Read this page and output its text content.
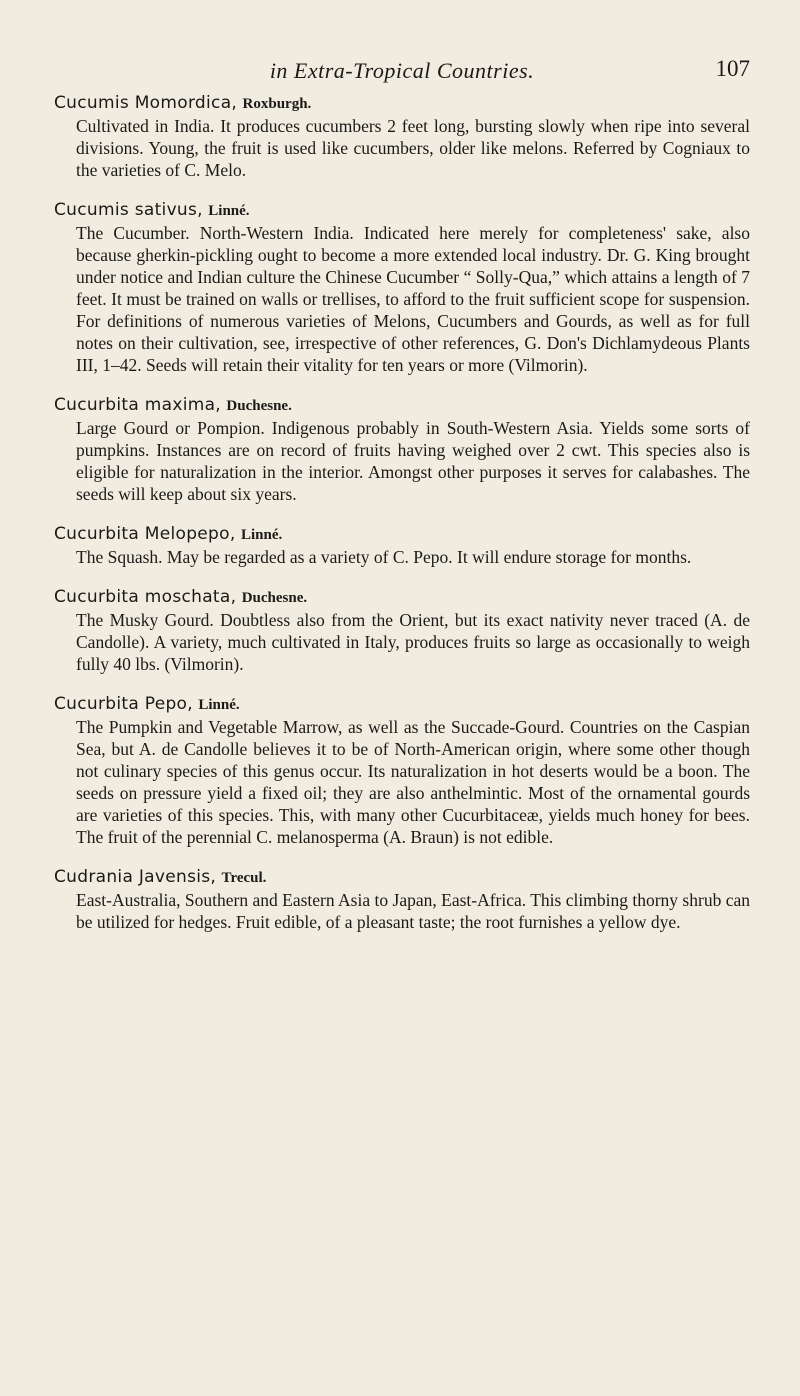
in Extra-Tropical Countries.	107

Cucumis Momordica, Roxburgh.

Cultivated in India. It produces cucumbers 2 feet long, bursting slowly when ripe into several divisions. Young, the fruit is used like cucumbers, older like melons. Referred by Cogniaux to the varieties of C. Melo.

Cucumis sativus, Linné.

The Cucumber. North-Western India. Indicated here merely for completeness' sake, also because gherkin-pickling ought to become a more extended local industry. Dr. G. King brought under notice and Indian culture the Chinese Cucumber “ Solly-Qua,” which attains a length of 7 feet. It must be trained on walls or trellises, to afford to the fruit sufficient scope for suspension. For definitions of numerous varieties of Melons, Cucumbers and Gourds, as well as for full notes on their cultivation, see, irrespective of other references, G. Don's Dichlamydeous Plants III, 1–42. Seeds will retain their vitality for ten years or more (Vilmorin).

Cucurbita maxima, Duchesne.

Large Gourd or Pompion. Indigenous probably in South-Western Asia. Yields some sorts of pumpkins. Instances are on record of fruits having weighed over 2 cwt. This species also is eligible for naturalization in the interior. Amongst other purposes it serves for calabashes. The seeds will keep about six years.

Cucurbita Melopepo, Linné.

The Squash. May be regarded as a variety of C. Pepo. It will endure storage for months.

Cucurbita moschata, Duchesne.

The Musky Gourd. Doubtless also from the Orient, but its exact nativity never traced (A. de Candolle). A variety, much cultivated in Italy, produces fruits so large as occasionally to weigh fully 40 lbs. (Vilmorin).

Cucurbita Pepo, Linné.

The Pumpkin and Vegetable Marrow, as well as the Succade-Gourd. Countries on the Caspian Sea, but A. de Candolle believes it to be of North-American origin, where some other though not culinary species of this genus occur. Its naturalization in hot deserts would be a boon. The seeds on pressure yield a fixed oil; they are also anthelmintic. Most of the ornamental gourds are varieties of this species. This, with many other Cucurbitaceæ, yields much honey for bees. The fruit of the perennial C. melanosperma (A. Braun) is not edible.

Cudrania Javensis, Trecul.

East-Australia, Southern and Eastern Asia to Japan, East-Africa. This climbing thorny shrub can be utilized for hedges. Fruit edible, of a pleasant taste; the root furnishes a yellow dye.
